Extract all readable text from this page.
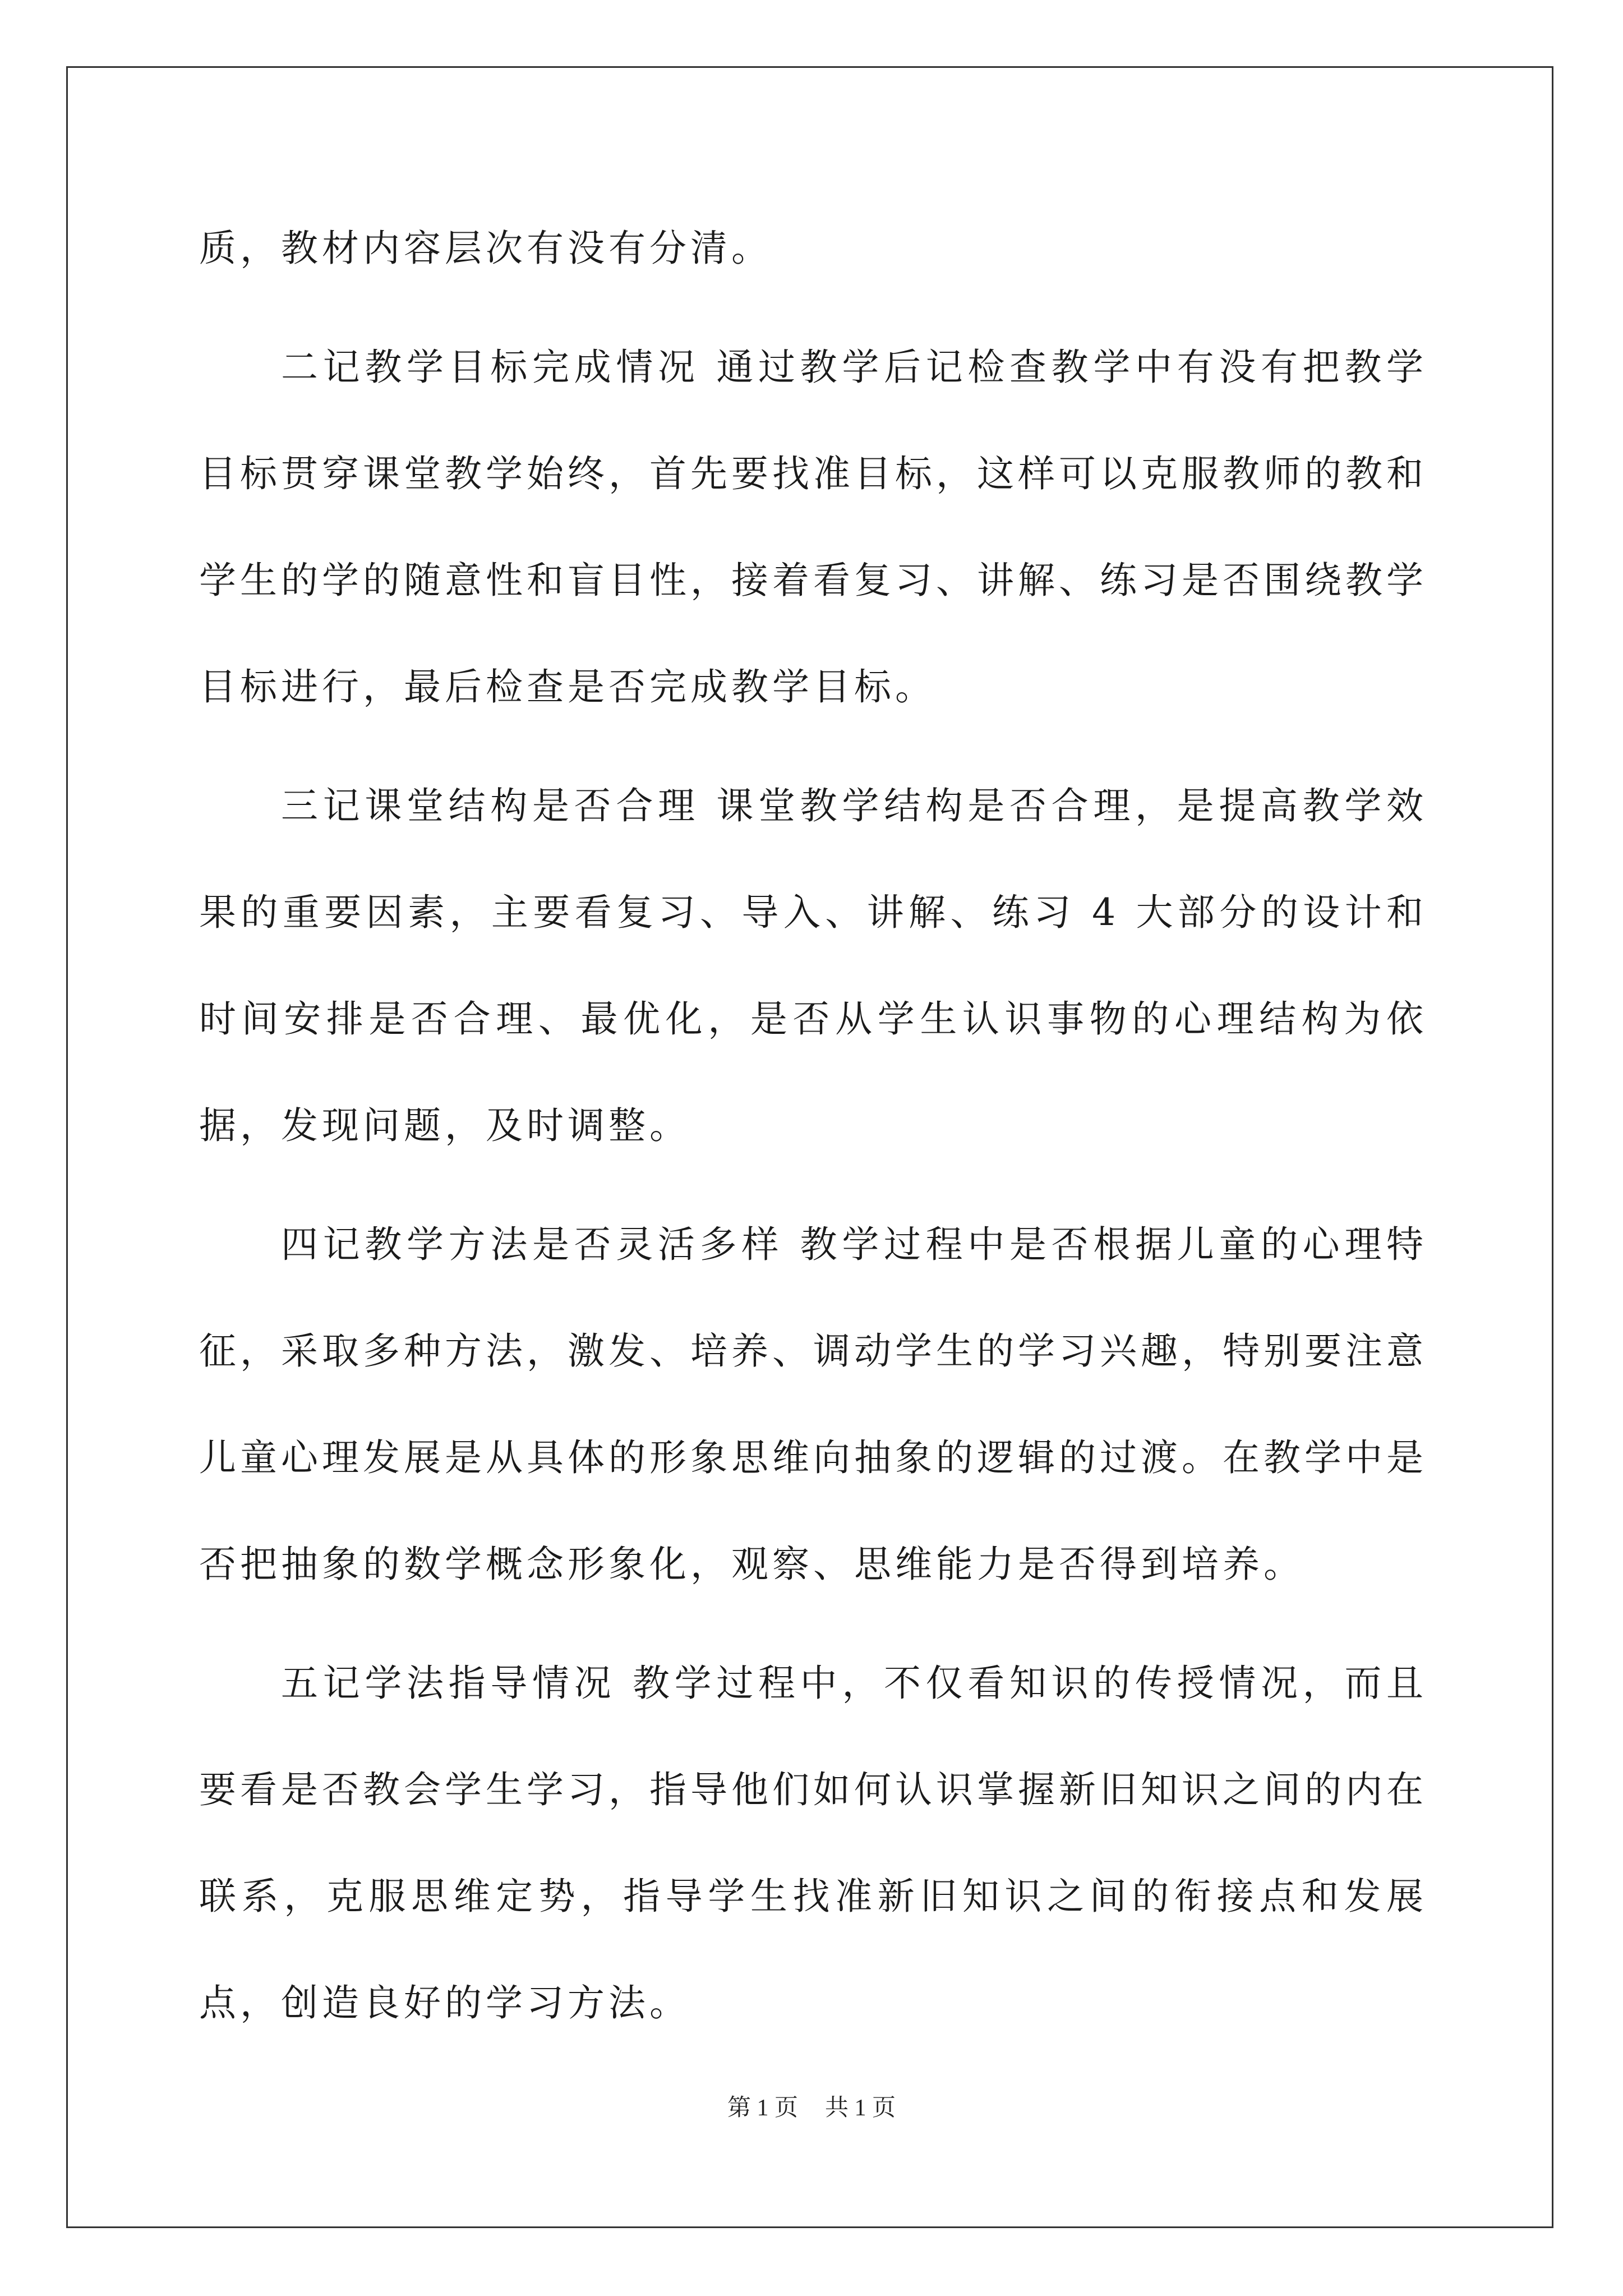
质，教材内容层次有没有分清。

二记教学目标完成情况 通过教学后记检查教学中有没有把教学目标贯穿课堂教学始终，首先要找准目标，这样可以克服教师的教和学生的学的随意性和盲目性，接着看复习、讲解、练习是否围绕教学目标进行，最后检查是否完成教学目标。

三记课堂结构是否合理 课堂教学结构是否合理，是提高教学效果的重要因素，主要看复习、导入、讲解、练习 4 大部分的设计和时间安排是否合理、最优化，是否从学生认识事物的心理结构为依据，发现问题，及时调整。

四记教学方法是否灵活多样 教学过程中是否根据儿童的心理特征，采取多种方法，激发、培养、调动学生的学习兴趣，特别要注意儿童心理发展是从具体的形象思维向抽象的逻辑的过渡。在教学中是否把抽象的数学概念形象化，观察、思维能力是否得到培养。

五记学法指导情况 教学过程中，不仅看知识的传授情况，而且要看是否教会学生学习，指导他们如何认识掌握新旧知识之间的内在联系，克服思维定势，指导学生找准新旧知识之间的衔接点和发展点，创造良好的学习方法。

第 1 页 共 1 页
